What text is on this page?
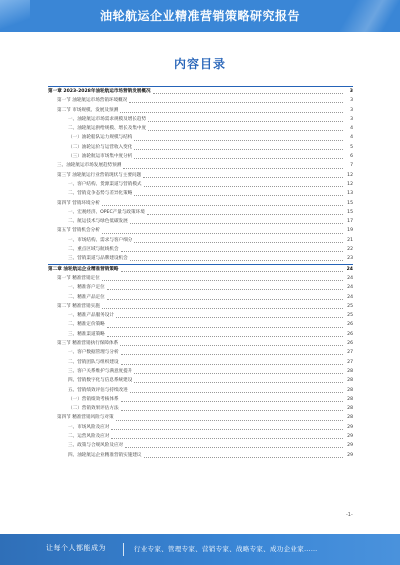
油轮航运企业精准营销策略研究报告
内容目录
第一章 2023-2028年油轮航运市场营销发展概况	3
第一节 油轮航运市场营销环境概况	3
第二节 市场规模、发展及预测	3
一、油轮航运市场需求规模及增长趋势	3
二、油轮航运供给规模、增长及集中度	4
（一）油轮船队运力规模与结构	4
（二）油轮运价与运营收入变化	5
（三）油轮航运市场集中度分析	6
三、油轮航运市场发展趋势预测	7
第三节 油轮航运行业营销现状与主要问题	12
一、客户结构、货源渠道与营销模式	12
二、营销竞争态势与差异化策略	13
第四节 营销环境分析	15
一、宏观经济、OPEC产量与政策环境	15
二、航运技术与绿色低碳发展	17
第五节 营销机会分析	19
一、市场结构、需求与客户细分	21
二、重点区域与航线机会	22
三、营销渠道与品牌建设机会	23
第二章 油轮航运企业精准营销策略	24
第一节 精准营销定位	24
一、精准客户定位	24
二、精准产品定位	24
第二节 精准营销实施	25
一、精准产品服务设计	25
二、精准定价策略	26
三、精准渠道策略	26
第三节 精准营销执行保障体系	26
一、客户数据管理与分析	27
二、营销团队与组织建设	27
三、客户关系维护与满意度提升	28
四、营销数字化与信息系统建设	28
五、营销绩效评估与持续改进	28
（一）营销绩效考核体系	28
（二）营销效果评估方法	28
第四节 精准营销风险与对策	28
一、市场风险及应对	29
二、运营风险及应对	29
三、政策与合规风险及应对	29
四、油轮航运企业精准营销实施建议	29
-1-
让每个人都能成为	行业专家、管理专家、营销专家、战略专家、成功企业家……
